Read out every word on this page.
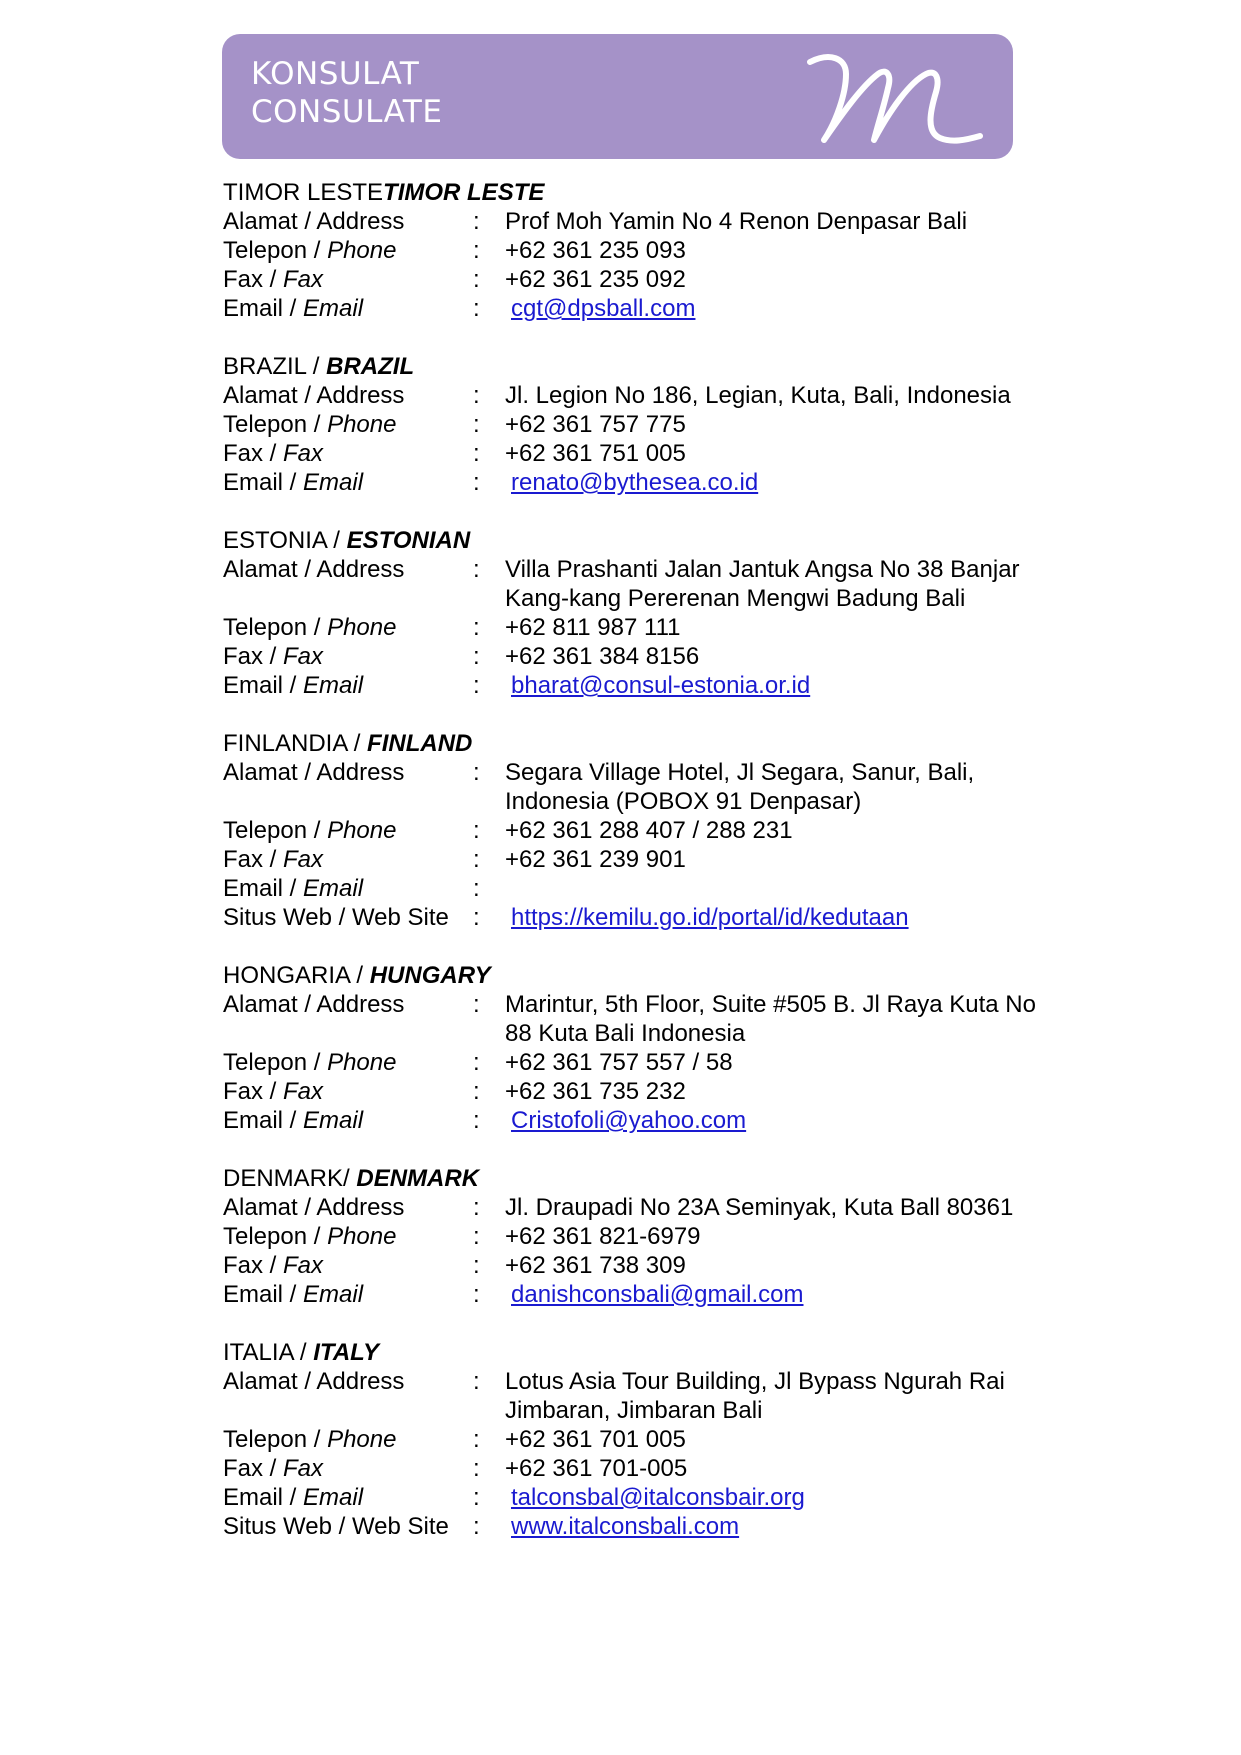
KONSULAT
CONSULATE
TIMOR LESTETIMOR LESTE
Alamat / Address	:	Prof Moh Yamin No 4 Renon Denpasar Bali
Telepon / Phone	:	+62 361 235 093
Fax / Fax	:	+62 361 235 092
Email / Email	:	cgt@dpsball.com
BRAZIL / BRAZIL
Alamat / Address	:	Jl. Legion No 186, Legian, Kuta, Bali, Indonesia
Telepon / Phone	:	+62 361 757 775
Fax / Fax	:	+62 361 751 005
Email / Email	:	renato@bythesea.co.id
ESTONIA / ESTONIAN
Alamat / Address	:	Villa Prashanti Jalan Jantuk Angsa No 38 Banjar
Kang-kang Pererenan Mengwi Badung Bali
Telepon / Phone	:	+62 811 987 111
Fax / Fax	:	+62 361 384 8156
Email / Email	:	bharat@consul-estonia.or.id
FINLANDIA / FINLAND
Alamat / Address	:	Segara Village Hotel, Jl Segara, Sanur, Bali,
Indonesia (POBOX 91 Denpasar)
Telepon / Phone	:	+62 361 288 407 / 288 231
Fax / Fax	:	+62 361 239 901
Email / Email	:
Situs Web / Web Site	:	https://kemilu.go.id/portal/id/kedutaan
HONGARIA / HUNGARY
Alamat / Address	:	Marintur, 5th Floor, Suite #505 B. Jl Raya Kuta No
88 Kuta Bali Indonesia
Telepon / Phone	:	+62 361 757 557 / 58
Fax / Fax	:	+62 361 735 232
Email / Email	:	Cristofoli@yahoo.com
DENMARK/ DENMARK
Alamat / Address	:	Jl. Draupadi No 23A Seminyak, Kuta Ball 80361
Telepon / Phone	:	+62 361 821-6979
Fax / Fax	:	+62 361 738 309
Email / Email	:	danishconsbali@gmail.com
ITALIA / ITALY
Alamat / Address	:	Lotus Asia Tour Building, Jl Bypass Ngurah Rai
Jimbaran, Jimbaran Bali
Telepon / Phone	:	+62 361 701 005
Fax / Fax	:	+62 361 701-005
Email / Email	:	talconsbal@italconsbair.org
Situs Web / Web Site	:	www.italconsbali.com
